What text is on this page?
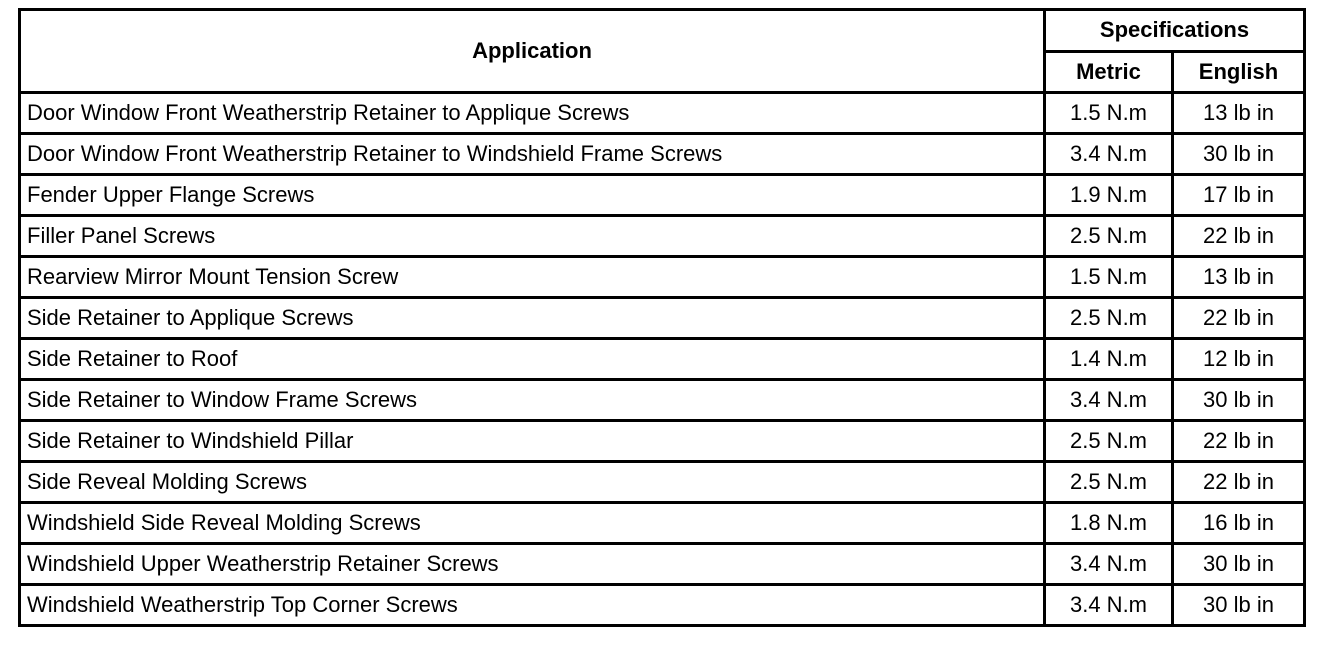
Application	Specifications	
	Metric	English
Door Window Front Weatherstrip Retainer to Applique Screws	1.5 N.m	13 lb in
Door Window Front Weatherstrip Retainer to Windshield Frame Screws	3.4 N.m	30 lb in
Fender Upper Flange Screws	1.9 N.m	17 lb in
Filler Panel Screws	2.5 N.m	22 lb in
Rearview Mirror Mount Tension Screw	1.5 N.m	13 lb in
Side Retainer to Applique Screws	2.5 N.m	22 lb in
Side Retainer to Roof	1.4 N.m	12 lb in
Side Retainer to Window Frame Screws	3.4 N.m	30 lb in
Side Retainer to Windshield Pillar	2.5 N.m	22 lb in
Side Reveal Molding Screws	2.5 N.m	22 lb in
Windshield Side Reveal Molding Screws	1.8 N.m	16 lb in
Windshield Upper Weatherstrip Retainer Screws	3.4 N.m	30 lb in
Windshield Weatherstrip Top Corner Screws	3.4 N.m	30 lb in
